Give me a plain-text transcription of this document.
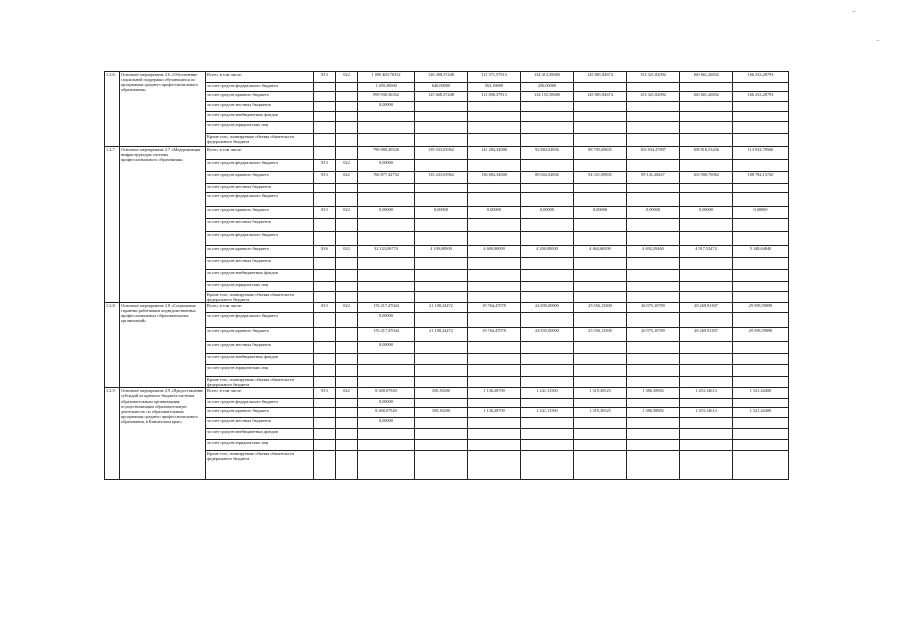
–
–
1.2.6.	Основное мероприятие 2.6 «Обеспечение социальной поддержки обучающихся по программам среднего профессионального образования»	Всего, в том числе:	813	022	1 000 469,76352	126 308,37448	111 371,57913	134 413,58680	145 881,84674	153 321,82092	160 661,26832	166 233,28793
		за счет средств федерального бюджета			1 459,39000	640,00000	563,39000	256,00000				
		за счет средств краевого бюджета			999 930,36352	125 668,37448	111 008,37913	134 155,58680	145 881,84674	153 321,82092	160 681,26832	166 233,28793
		за счет средств местных бюджетов			0,00000							
		за счет средств внебюджетных фондов										
		за счет средств юридических лиц										
		Кроме того, планируемые объемы обязательств федерального бюджета										
1.2.7.	Основное мероприятие 2.7 «Модернизация инфраструктуры системы профессионального образования»	Всего, в том числе:			799 000,49526	139 533,03962	141 284,34000	92 802,02836	98 795,69835	103 834,27897	108 818,53436	113 932,78560
		за счет средств федерального бюджета	813	022	0,00000							
		за счет средств краевого бюджета	813	022	766 877,42752	135 433,03962	136 684,34000	88 602,02836	94 331,09835	99 141,28437	103 900,79082	108 784,13720
		за счет средств местных бюджетов										
		за счет средств федерального бюджета										
		за счет средств краевого бюджета	813	022	0,00000	0,00000	0,00000	0,00000	0,00000	0,00000	0,00000	0,00000
		за счет средств местных бюджетов										
		за счет средств федерального бюджета										
		за счет средств краевого бюджета	816	022	32 123,06774	4 100,00000	4 600,00000	4 200,00000	4 464,60000	4 692,29460	4 917,52474	5 148,64840
		за счет средств местных бюджетов										
		за счет средств внебюджетных фондов										
		за счет средств юридических лиц										
		Кроме того, планируемые объемы обязательств федерального бюджета										
1.2.8.	Основное мероприятие 2.8 «Социальные гарантии работникам подведомственных профессиональных образовательных организаций»	Всего, в том числе:	813	022	176 217,47044	21 108,24472	19 764,47078	24 835,00000	25 556,13500	26 975,10789	28 269,91307	29 598,59898
		за счет средств федерального бюджета			0,00000							
		за счет средств краевого бюджета			176 217,47044	21 108,24472	19 764,47078	24 835,00000	25 556,13500	26 975,10789	28 269,91307	29 598,59898
		за счет средств местных бюджетов			0,00000							
		за счет средств внебюджетных фондов										
		за счет средств юридических лиц										
		Кроме того, планируемые объемы обязательств федерального бюджета										
1.2.9.	Основное мероприятие 2.9 «Предоставление субсидий из краевого бюджета частным образовательным организациям, осуществляющим образовательную деятельность по образовательным программам среднего профессионального образования, в Камчатском крае»	Всего, в том числе:	813	022	8 400,07920	350,39200	1 138,28700	1 241,11500	1 319,30525	1 386,58982	1 453,14613	1 521,44400
		за счет средств федерального бюджета			0,00000							
		за счет средств краевого бюджета			8 400,07920	350,39200	1 138,28700	1 241,11500	1 319,30525	1 386,58982	1 453,14613	1 521,44400
		за счет средств местных бюджетов			0,00000							
		за счет средств внебюджетных фондов										
		за счет средств юридических лиц										
		Кроме того, планируемые объемы обязательств федерального бюджета										
